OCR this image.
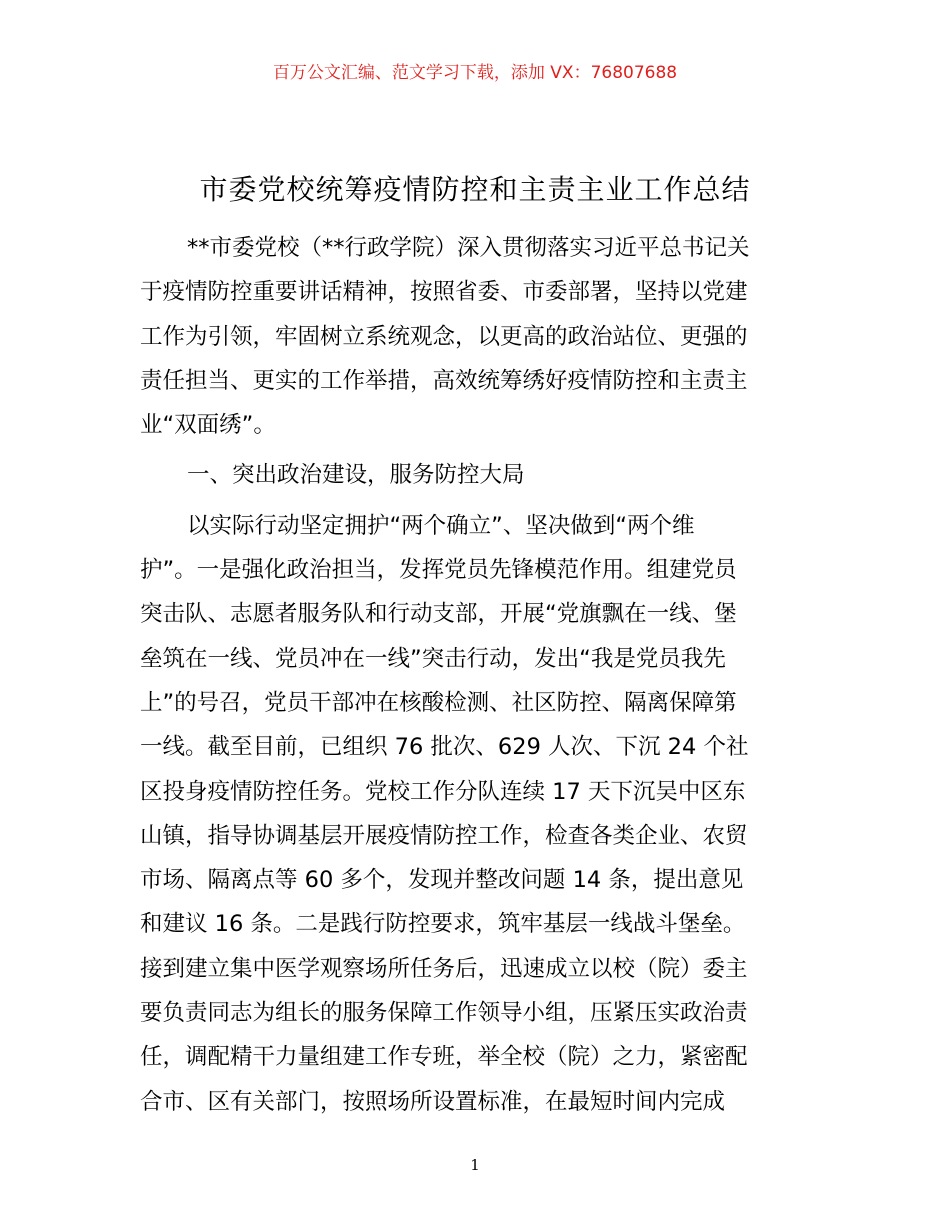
百万公文汇编、范文学习下载，添加 VX：76807688
市委党校统筹疫情防控和主责主业工作总结
**市委党校（**行政学院）深入贯彻落实习近平总书记关
于疫情防控重要讲话精神，按照省委、市委部署，坚持以党建
工作为引领，牢固树立系统观念，以更高的政治站位、更强的
责任担当、更实的工作举措，高效统筹绣好疫情防控和主责主
业“双面绣”。
一、突出政治建设，服务防控大局
以实际行动坚定拥护“两个确立”、坚决做到“两个维
护”。一是强化政治担当，发挥党员先锋模范作用。组建党员
突击队、志愿者服务队和行动支部，开展“党旗飘在一线、堡
垒筑在一线、党员冲在一线”突击行动，发出“我是党员我先
上”的号召，党员干部冲在核酸检测、社区防控、隔离保障第
一线。截至目前，已组织 76 批次、629 人次、下沉 24 个社
区投身疫情防控任务。党校工作分队连续 17 天下沉吴中区东
山镇，指导协调基层开展疫情防控工作，检查各类企业、农贸
市场、隔离点等 60 多个，发现并整改问题 14 条，提出意见
和建议 16 条。二是践行防控要求，筑牢基层一线战斗堡垒。
接到建立集中医学观察场所任务后，迅速成立以校（院）委主
要负责同志为组长的服务保障工作领导小组，压紧压实政治责
任，调配精干力量组建工作专班，举全校（院）之力，紧密配
合市、区有关部门，按照场所设置标准，在最短时间内完成
1
